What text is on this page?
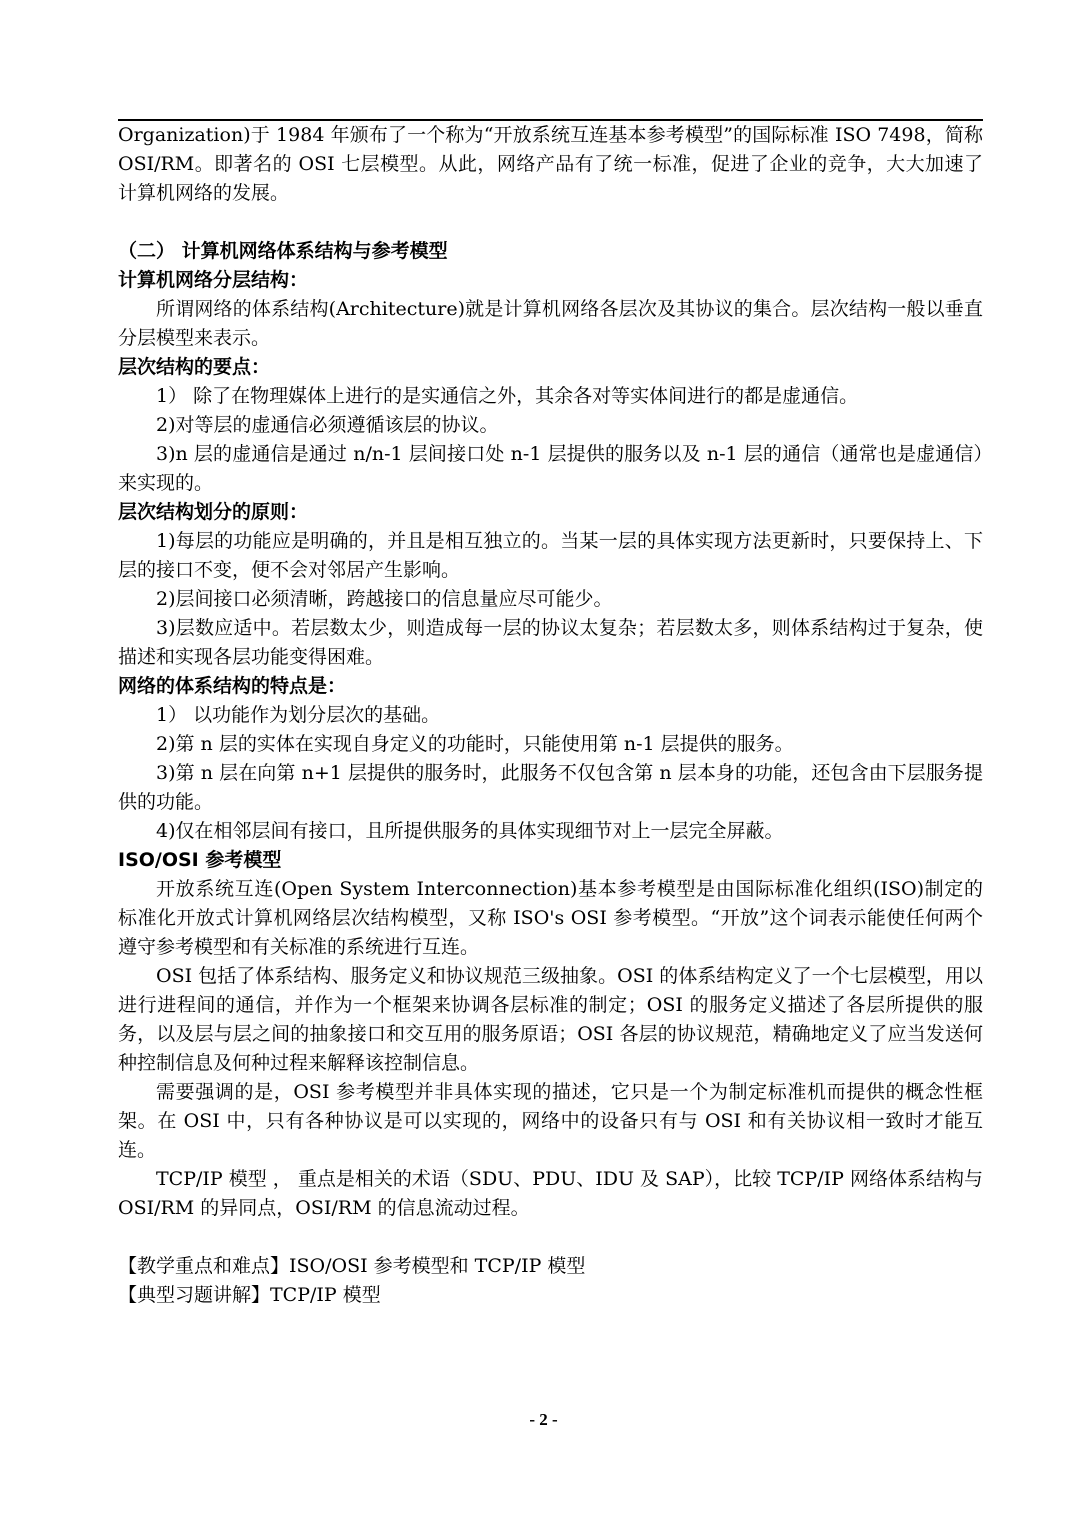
Organization)于 1984 年颁布了一个称为“开放系统互连基本参考模型”的国际标准 ISO 7498，简称 OSI/RM。即著名的 OSI 七层模型。从此，网络产品有了统一标准，促进了企业的竞争，大大加速了计算机网络的发展。

（二） 计算机网络体系结构与参考模型

计算机网络分层结构：

所谓网络的体系结构(Architecture)就是计算机网络各层次及其协议的集合。层次结构一般以垂直分层模型来表示。

层次结构的要点：

1） 除了在物理媒体上进行的是实通信之外，其余各对等实体间进行的都是虚通信。

2)对等层的虚通信必须遵循该层的协议。

3)n 层的虚通信是通过 n/n-1 层间接口处 n-1 层提供的服务以及 n-1 层的通信（通常也是虚通信）来实现的。

层次结构划分的原则：

1)每层的功能应是明确的，并且是相互独立的。当某一层的具体实现方法更新时，只要保持上、下层的接口不变，便不会对邻居产生影响。

2)层间接口必须清晰，跨越接口的信息量应尽可能少。

3)层数应适中。若层数太少，则造成每一层的协议太复杂；若层数太多，则体系结构过于复杂，使描述和实现各层功能变得困难。

网络的体系结构的特点是：

1） 以功能作为划分层次的基础。

2)第 n 层的实体在实现自身定义的功能时，只能使用第 n-1 层提供的服务。

3)第 n 层在向第 n+1 层提供的服务时，此服务不仅包含第 n 层本身的功能，还包含由下层服务提供的功能。

4)仅在相邻层间有接口，且所提供服务的具体实现细节对上一层完全屏蔽。

ISO/OSI 参考模型

开放系统互连(Open System Interconnection)基本参考模型是由国际标准化组织(ISO)制定的标准化开放式计算机网络层次结构模型，又称 ISO's OSI 参考模型。“开放”这个词表示能使任何两个遵守参考模型和有关标准的系统进行互连。

OSI 包括了体系结构、服务定义和协议规范三级抽象。OSI 的体系结构定义了一个七层模型，用以进行进程间的通信，并作为一个框架来协调各层标准的制定；OSI 的服务定义描述了各层所提供的服务，以及层与层之间的抽象接口和交互用的服务原语；OSI 各层的协议规范，精确地定义了应当发送何种控制信息及何种过程来解释该控制信息。

需要强调的是，OSI 参考模型并非具体实现的描述，它只是一个为制定标准机而提供的概念性框架。在 OSI 中，只有各种协议是可以实现的，网络中的设备只有与 OSI 和有关协议相一致时才能互连。

TCP/IP 模型 ， 重点是相关的术语（SDU、PDU、IDU 及 SAP），比较 TCP/IP 网络体系结构与 OSI/RM 的异同点，OSI/RM 的信息流动过程。

【教学重点和难点】ISO/OSI 参考模型和 TCP/IP 模型

【典型习题讲解】TCP/IP 模型

- 2 -
